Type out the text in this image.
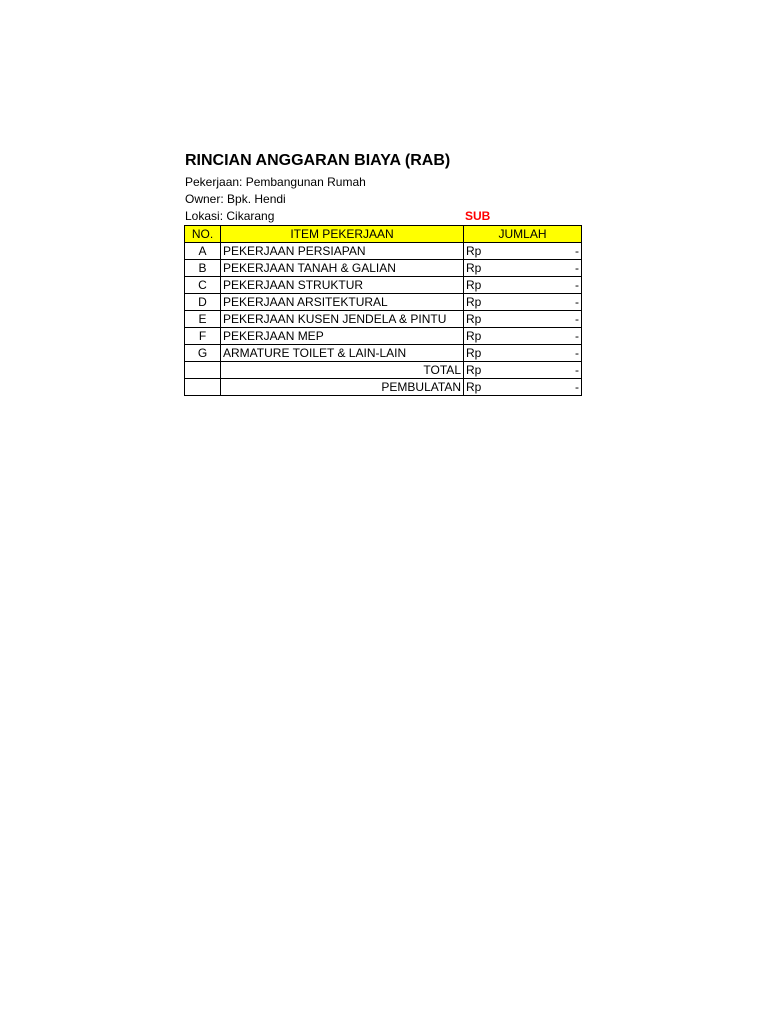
RINCIAN ANGGARAN BIAYA (RAB)
Pekerjaan: Pembangunan Rumah
Owner: Bpk. Hendi
Lokasi: Cikarang	SUB
NO.	ITEM PEKERJAAN	JUMLAH
A	PEKERJAAN PERSIAPAN	Rp -

B	PEKERJAAN TANAH & GALIAN	Rp -

C	PEKERJAAN STRUKTUR	Rp -

D	PEKERJAAN ARSITEKTURAL	Rp -

E	PEKERJAAN KUSEN JENDELA & PINTU	Rp -

F	PEKERJAAN MEP	Rp -

G	ARMATURE TOILET & LAIN-LAIN	Rp -

	TOTAL	Rp -

	PEMBULATAN	Rp -
